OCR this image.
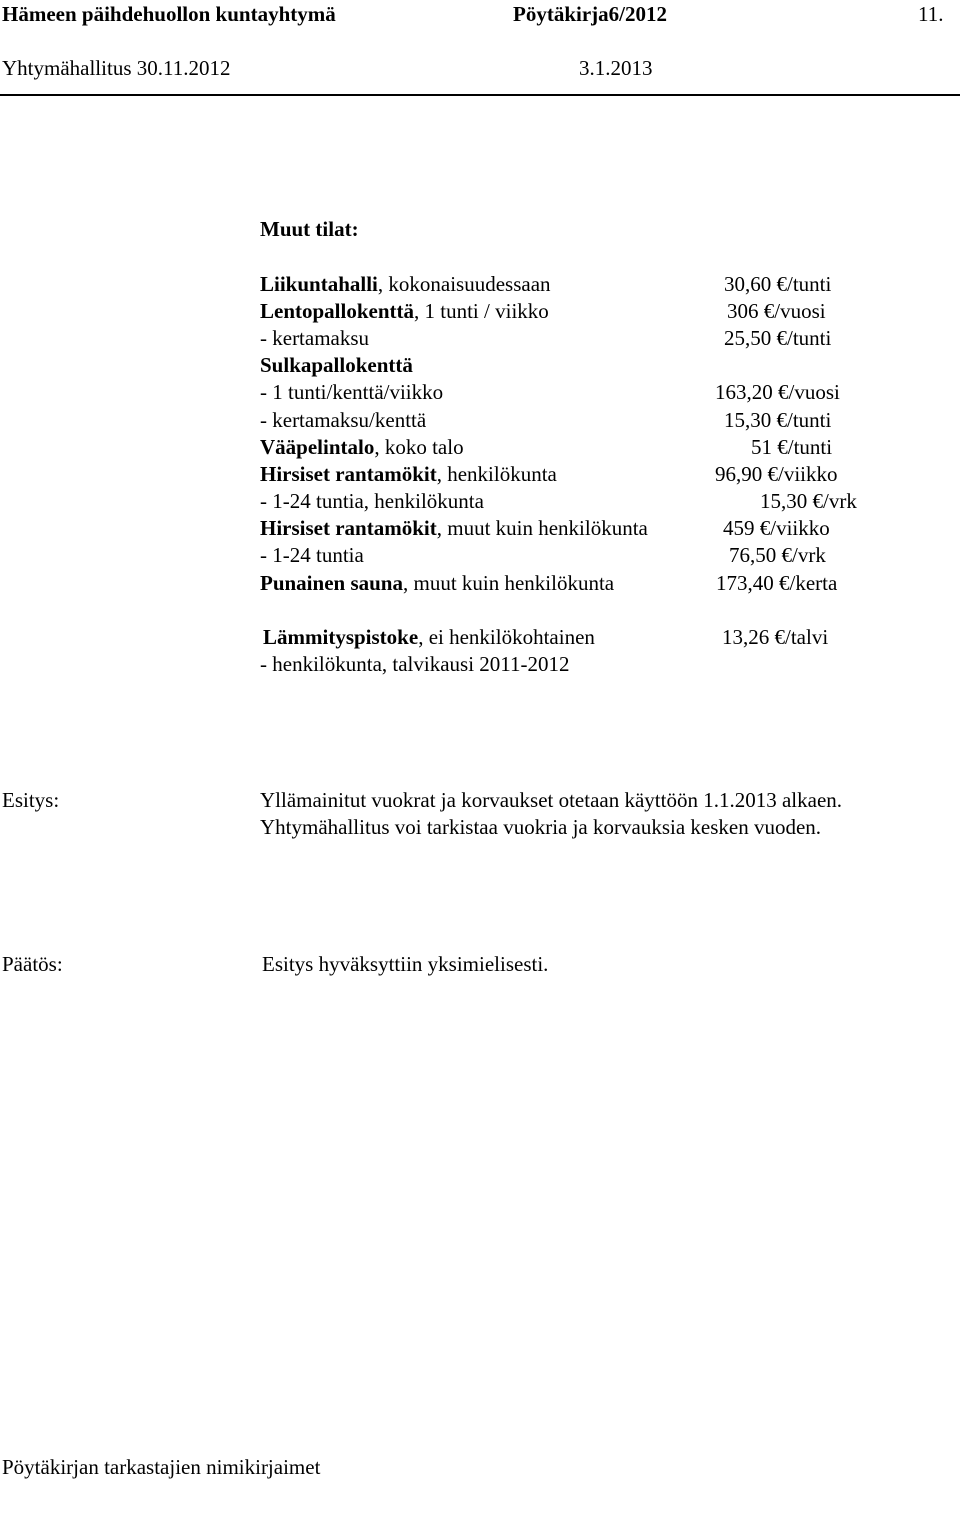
Hämeen päihdehuollon kuntayhtymä	Pöytäkirja6/2012	11.
Yhtymähallitus 30.11.2012	3.1.2013
Muut tilat:
Liikuntahalli, kokonaisuudessaan	30,60 €/tunti
Lentopallokenttä, 1 tunti / viikko	306 €/vuosi
- kertamaksu	25,50 €/tunti
Sulkapallokenttä
- 1 tunti/kenttä/viikko	163,20 €/vuosi
- kertamaksu/kenttä	15,30 €/tunti
Vääpelintalo, koko talo	51 €/tunti
Hirsiset rantamökit, henkilökunta	96,90 €/viikko
- 1-24 tuntia, henkilökunta	15,30 €/vrk
Hirsiset rantamökit, muut kuin henkilökunta	459 €/viikko
- 1-24 tuntia	76,50 €/vrk
Punainen sauna, muut kuin henkilökunta	173,40 €/kerta
Lämmityspistoke, ei henkilökohtainen	13,26 €/talvi
- henkilökunta, talvikausi 2011-2012
Esitys:	Yllämainitut vuokrat ja korvaukset otetaan käyttöön 1.1.2013 alkaen.
Yhtymähallitus voi tarkistaa vuokria ja korvauksia kesken vuoden.
Päätös:	Esitys hyväksyttiin yksimielisesti.
Pöytäkirjan tarkastajien nimikirjaimet
